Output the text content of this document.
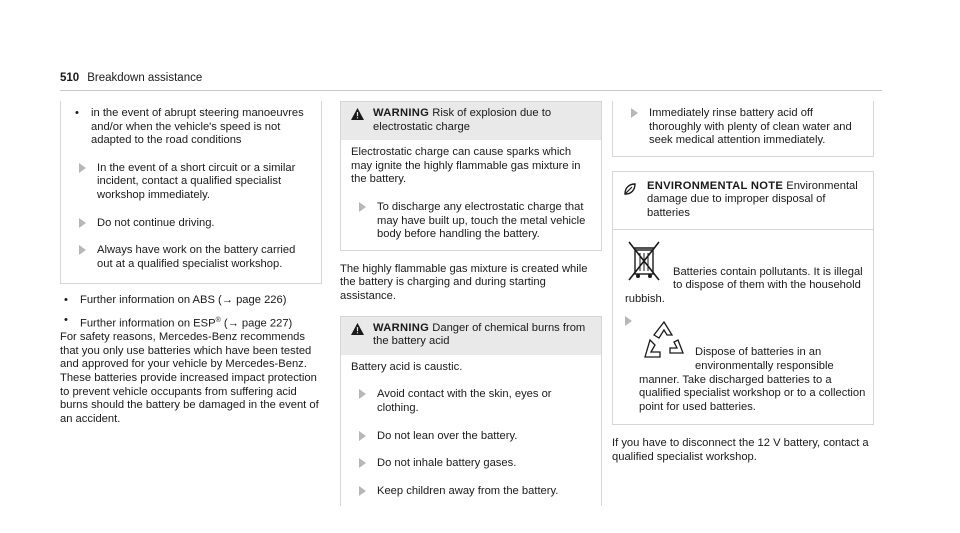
510 Breakdown assistance
• in the event of abrupt steering manoeuvres and/or when the vehicle's speed is not adapted to the road conditions
In the event of a short circuit or a similar incident, contact a qualified specialist workshop immediately.
Do not continue driving.
Always have work on the battery carried out at a qualified specialist workshop.
• Further information on ABS (→ page 226)
• Further information on ESP® (→ page 227)

For safety reasons, Mercedes-Benz recommends that you only use batteries which have been tested and approved for your vehicle by Mercedes-Benz. These batteries provide increased impact protection to prevent vehicle occupants from suffering acid burns should the battery be damaged in the event of an accident.

WARNING Risk of explosion due to electrostatic charge

Electrostatic charge can cause sparks which may ignite the highly flammable gas mixture in the battery.

To discharge any electrostatic charge that may have built up, touch the metal vehicle body before handling the battery.

The highly flammable gas mixture is created while the battery is charging and during starting assistance.

WARNING Danger of chemical burns from the battery acid

Battery acid is caustic.

Avoid contact with the skin, eyes or clothing.
Do not lean over the battery.
Do not inhale battery gases.
Keep children away from the battery.
Immediately rinse battery acid off thoroughly with plenty of clean water and seek medical attention immediately.
ENVIRONMENTAL NOTE Environmental damage due to improper disposal of batteries
Batteries contain pollutants. It is illegal to dispose of them with the household rubbish.
Dispose of batteries in an environmentally responsible manner. Take discharged batteries to a qualified specialist workshop or to a collection point for used batteries.

If you have to disconnect the 12 V battery, contact a qualified specialist workshop.
